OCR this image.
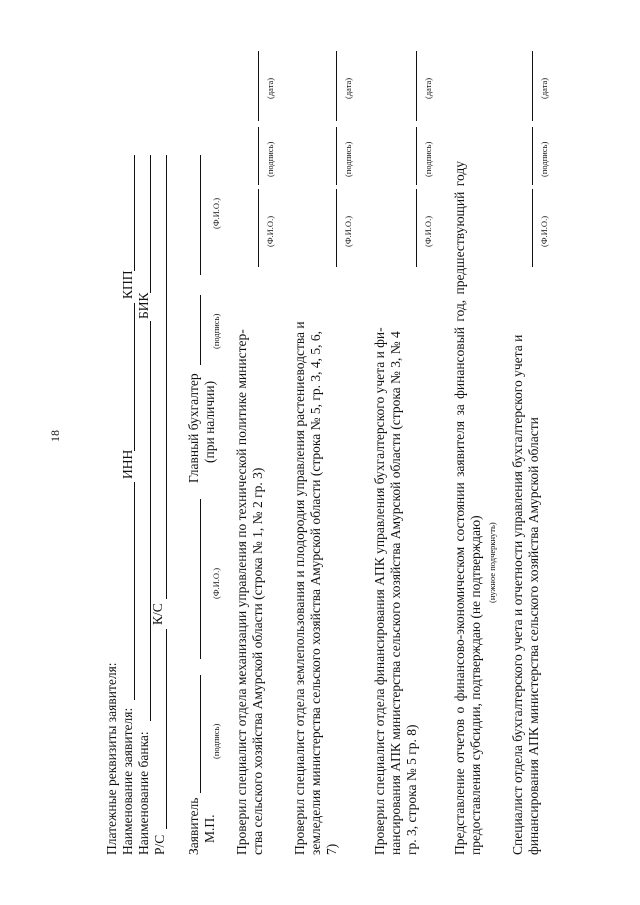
18
Платежные реквизиты заявителя: Наименование заявителя:
ИНН
КПП
Наименование банка:
БИК
Р/С
К/С
Заявитель
Главный бухгалтер
М.П.
(подпись)
(Ф.И.О.)
(при наличии)
(подпись)
(Ф.И.О.)
Проверил специалист отдела механизации управления по технической политике министер- ства сельского хозяйства Амурской области (строка № 1, № 2 гр. 3)
(Ф.И.О.)
(подпись)
(дата)
Проверил специалист отдела землепользования и плодородия управления растениеводства и земледелия министерства сельского хозяйства Амурской области (строка № 5, гр. 3, 4, 5, 6, 7)
(Ф.И.О.)
(подпись)
(дата)
Проверил специалист отдела финансирования АПК управления бухгалтерского учета и фи- нансирования АПК министерства сельского хозяйства Амурской области (строка № 3, № 4 гр. 3, строка № 5 гр. 8)
(Ф.И.О.)
(подпись)
(дата)
Представление отчетов о финансово-экономическом состоянии заявителя за финансовый год, предшествующий году предоставления субсидии, подтверждаю (не подтверждаю) (нужное подчеркнуть) Специалист отдела бухгалтерского учета и отчетности управления бухгалтерского учета и финансирования АПК министерства сельского хозяйства Амурской области
(Ф.И.О.)
(подпись)
(дата)
